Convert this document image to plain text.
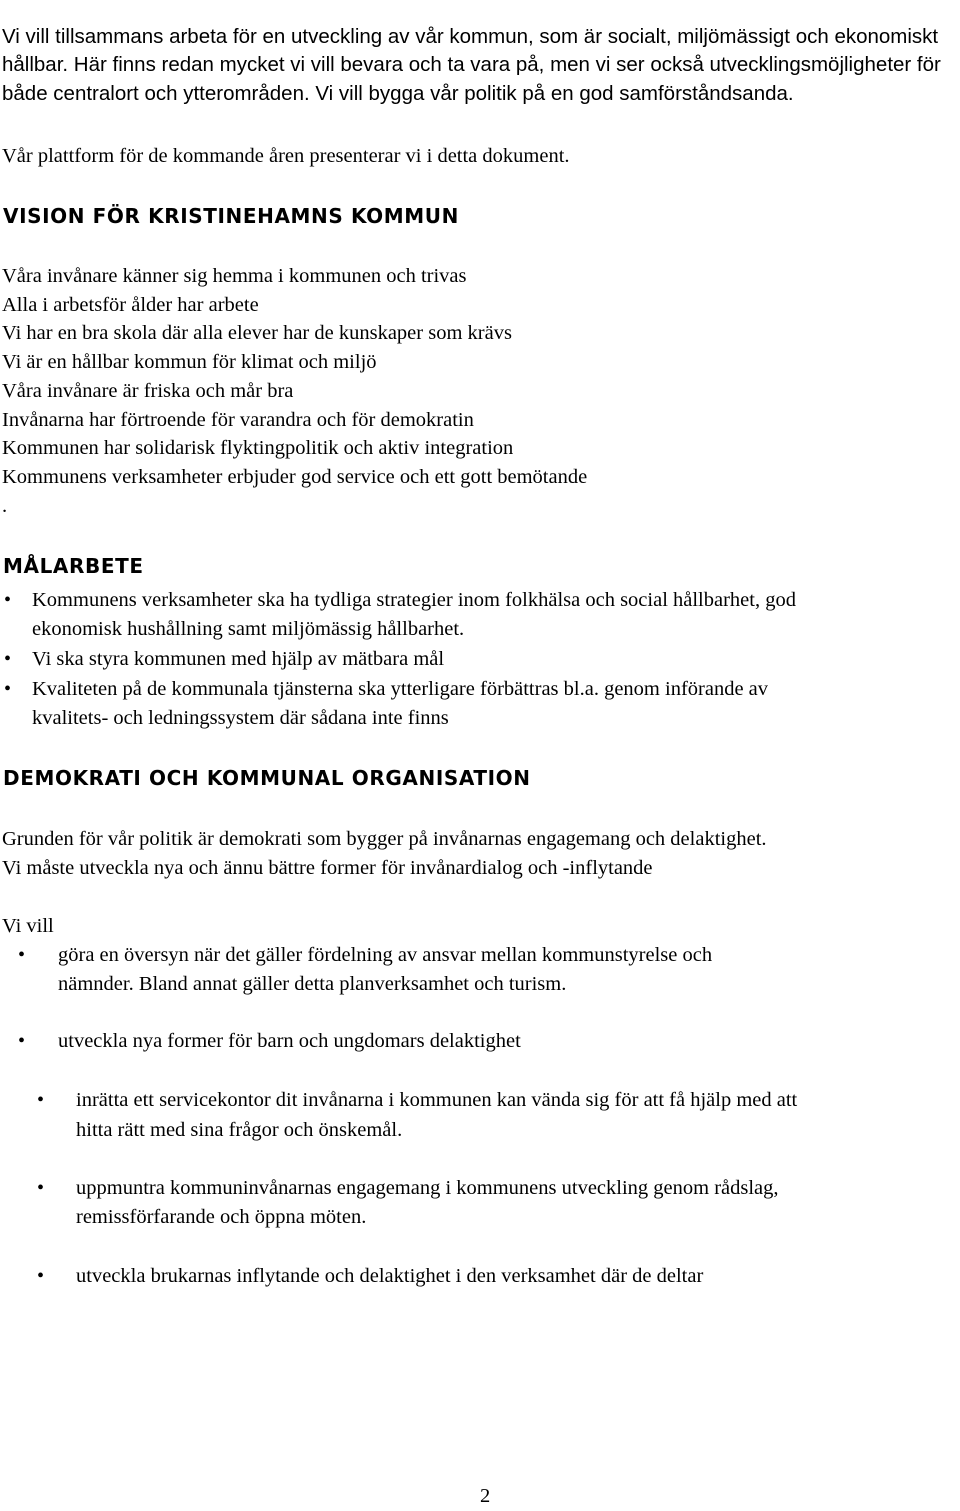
Vi vill tillsammans arbeta för en utveckling av vår kommun, som är socialt, miljömässigt och ekonomiskt hållbar. Här finns redan mycket vi vill bevara och ta vara på, men vi ser också utvecklingsmöjligheter för både centralort och ytterområden. Vi vill bygga vår politik på en god samförståndsanda.

Vår plattform för de kommande åren presenterar vi i detta dokument.
VISION FÖR KRISTINEHAMNS KOMMUN
Våra invånare känner sig hemma i kommunen och trivas
Alla i arbetsför ålder har arbete
Vi har en bra skola där alla elever har de kunskaper som krävs
Vi är en hållbar kommun för klimat och miljö
Våra invånare är friska och mår bra
Invånarna har förtroende för varandra och för demokratin
Kommunen har solidarisk flyktingpolitik och aktiv integration
Kommunens verksamheter erbjuder god service och ett gott bemötande
.
MÅLARBETE
• Kommunens verksamheter ska ha tydliga strategier inom folkhälsa och social hållbarhet, god
ekonomisk hushållning samt miljömässig hållbarhet.
• Vi ska styra kommunen med hjälp av mätbara mål
• Kvaliteten på de kommunala tjänsterna ska ytterligare förbättras bl.a. genom införande av
kvalitets- och ledningssystem där sådana inte finns
DEMOKRATI OCH KOMMUNAL ORGANISATION
Grunden för vår politik är demokrati som bygger på invånarnas engagemang och delaktighet.
Vi måste utveckla nya och ännu bättre former för invånardialog och -inflytande
Vi vill
• göra en översyn när det gäller fördelning av ansvar mellan kommunstyrelse och
nämnder. Bland annat gäller detta planverksamhet och turism.
• utveckla nya former för barn och ungdomars delaktighet
• inrätta ett servicekontor dit invånarna i kommunen kan vända sig för att få hjälp med att
hitta rätt med sina frågor och önskemål.
• uppmuntra kommuninvånarnas engagemang i kommunens utveckling genom rådslag,
remissförfarande och öppna möten.
• utveckla brukarnas inflytande och delaktighet i den verksamhet där de deltar
2
